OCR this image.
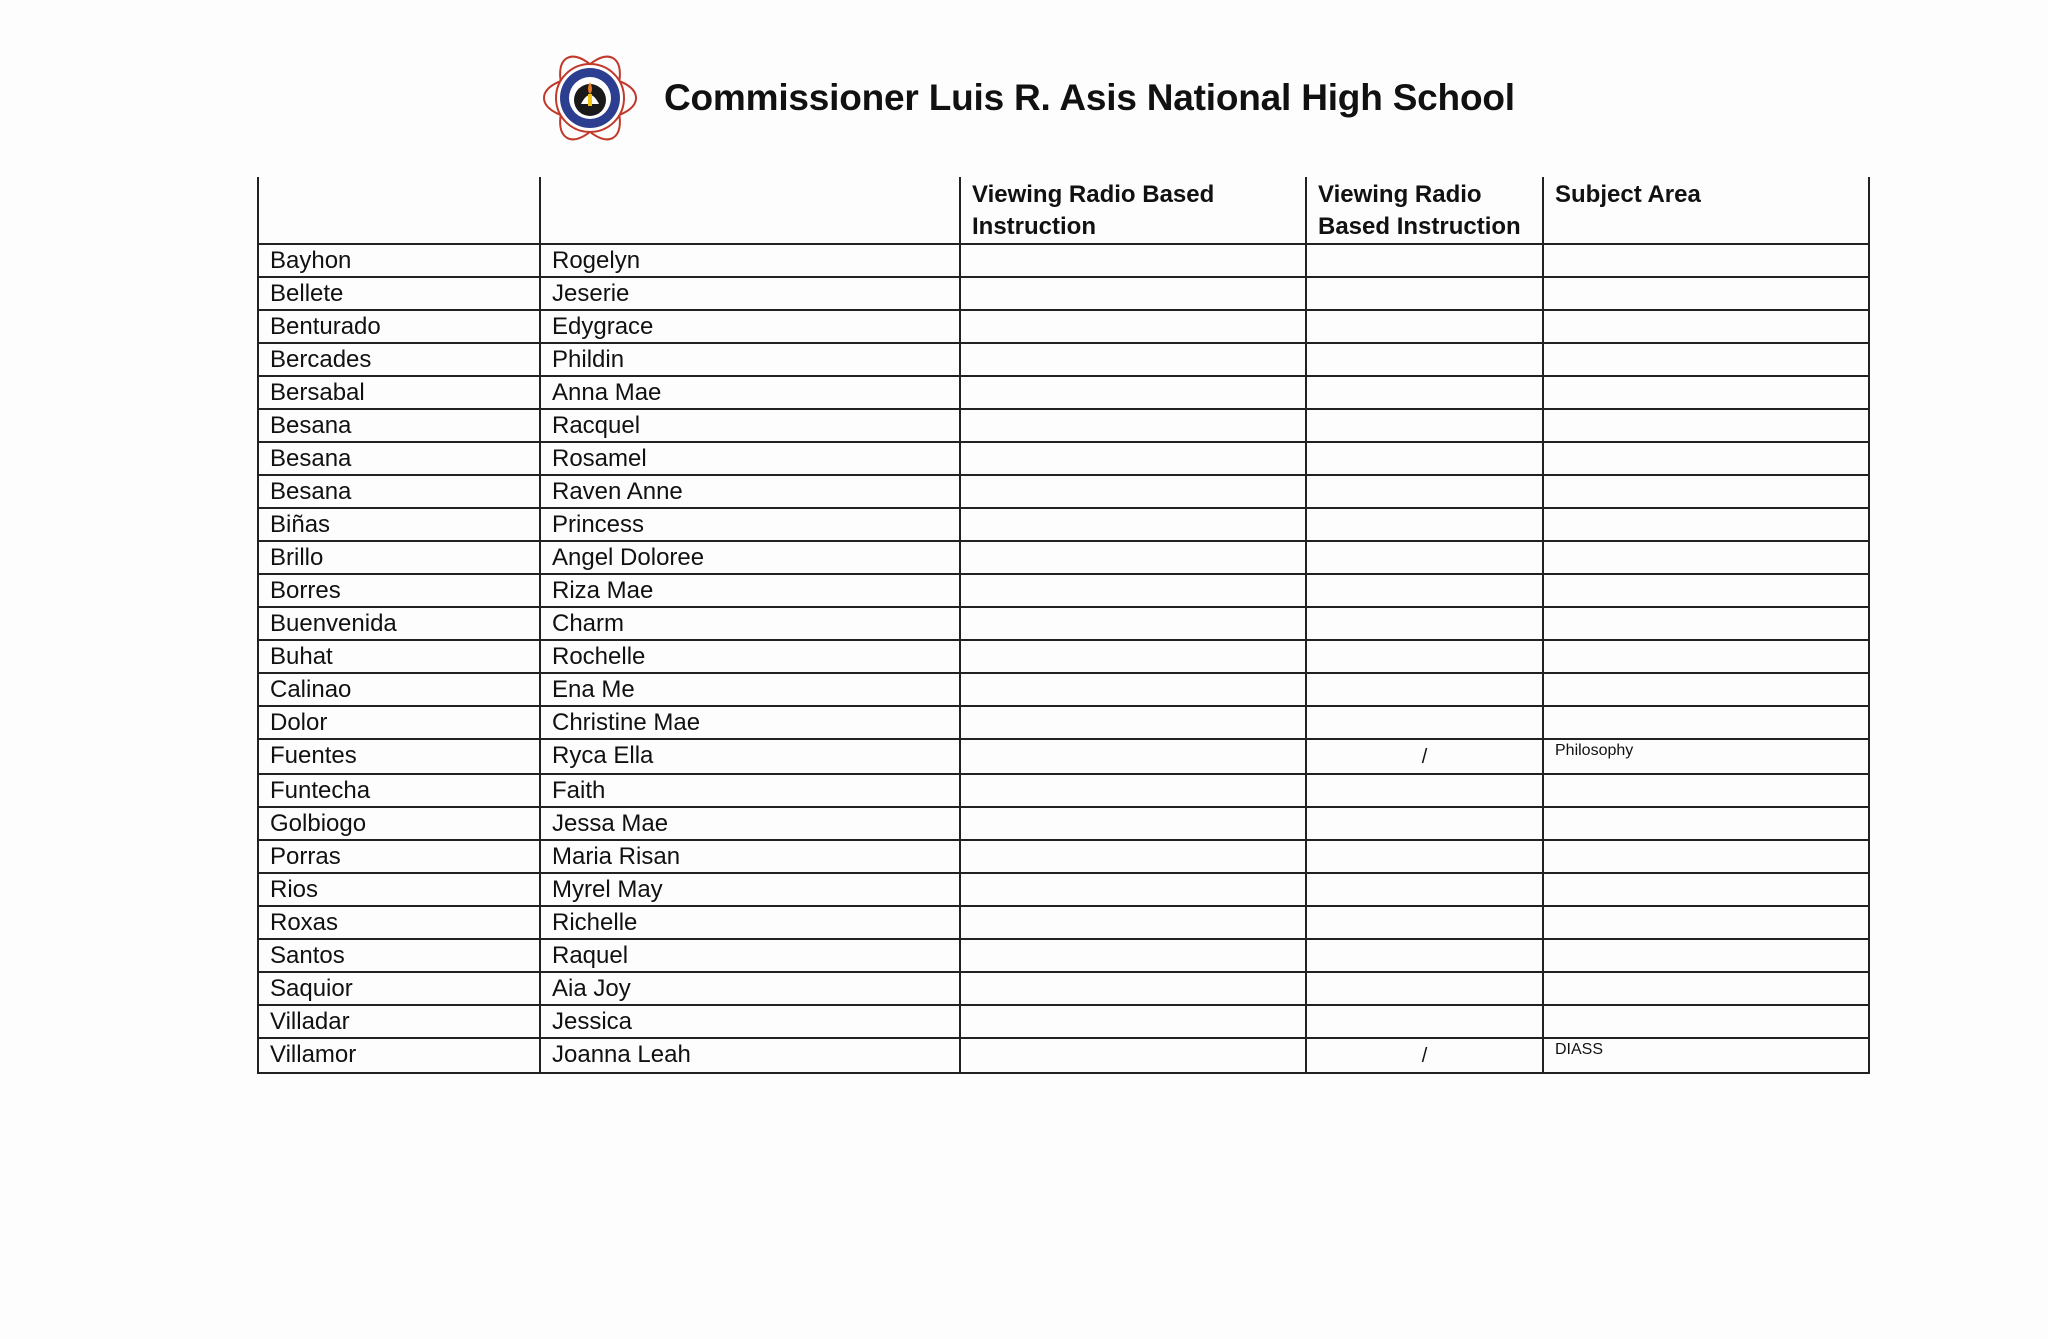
Commissioner Luis R. Asis National High School
		Viewing Radio Based Instruction	Viewing Radio Based Instruction	Subject Area
Bayhon	Rogelyn			
Bellete	Jeserie			
Benturado	Edygrace			
Bercades	Phildin			
Bersabal	Anna Mae			
Besana	Racquel			
Besana	Rosamel			
Besana	Raven Anne			
Biñas	Princess			
Brillo	Angel Doloree			
Borres	Riza Mae			
Buenvenida	Charm			
Buhat	Rochelle			
Calinao	Ena Me			
Dolor	Christine Mae			
Fuentes	Ryca Ella		/	Philosophy
Funtecha	Faith			
Golbiogo	Jessa Mae			
Porras	Maria Risan			
Rios	Myrel May			
Roxas	Richelle			
Santos	Raquel			
Saquior	Aia Joy			
Villadar	Jessica			
Villamor	Joanna Leah		/	DIASS
